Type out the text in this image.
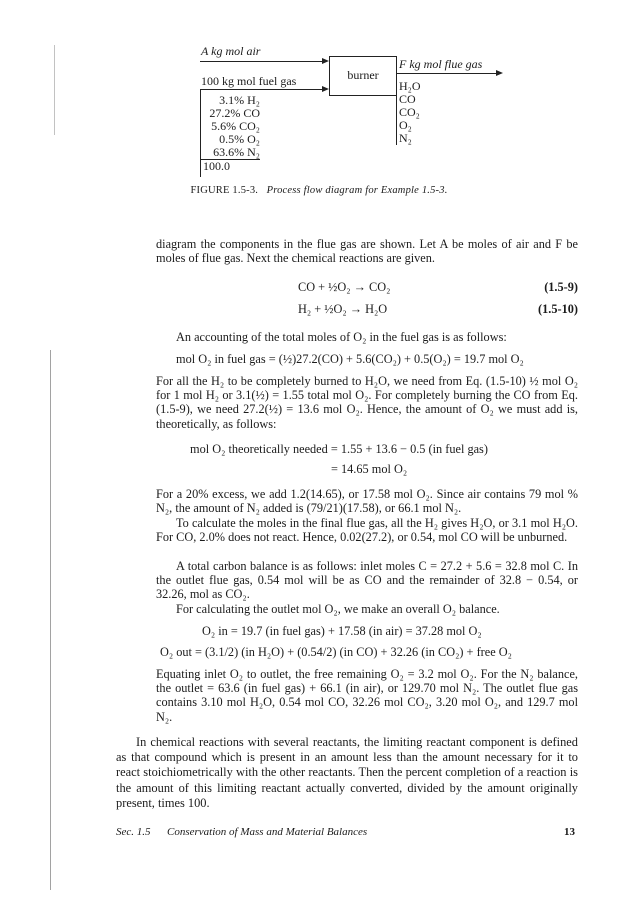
A kg mol air
100 kg mol fuel gas	burner
F kg mol flue gas
3.1% H₂
27.2% CO
5.6% CO₂
0.5% O₂
63.6% N₂
100.0
H₂O
CO
CO₂
O₂
N₂
FIGURE 1.5-3. Process flow diagram for Example 1.5-3.

diagram the components in the flue gas are shown. Let A be moles of air and F be moles of flue gas. Next the chemical reactions are given.

CO + ½O₂ → CO₂	(1.5-9)
H₂ + ½O₂ → H₂O	(1.5-10)

An accounting of the total moles of O₂ in the fuel gas is as follows:

mol O₂ in fuel gas = (½)27.2(CO) + 5.6(CO₂) + 0.5(O₂) = 19.7 mol O₂

For all the H₂ to be completely burned to H₂O, we need from Eq. (1.5-10) ½ mol O₂ for 1 mol H₂ or 3.1(½) = 1.55 total mol O₂. For completely burning the CO from Eq. (1.5-9), we need 27.2(½) = 13.6 mol O₂. Hence, the amount of O₂ we must add is, theoretically, as follows:

mol O₂ theoretically needed = 1.55 + 13.6 − 0.5 (in fuel gas)
= 14.65 mol O₂

For a 20% excess, we add 1.2(14.65), or 17.58 mol O₂. Since air contains 79 mol % N₂, the amount of N₂ added is (79/21)(17.58), or 66.1 mol N₂.

To calculate the moles in the final flue gas, all the H₂ gives H₂O, or 3.1 mol H₂O. For CO, 2.0% does not react. Hence, 0.02(27.2), or 0.54, mol CO will be unburned.

A total carbon balance is as follows: inlet moles C = 27.2 + 5.6 = 32.8 mol C. In the outlet flue gas, 0.54 mol will be as CO and the remainder of 32.8 − 0.54, or 32.26, mol as CO₂.

For calculating the outlet mol O₂, we make an overall O₂ balance.

O₂ in = 19.7 (in fuel gas) + 17.58 (in air) = 37.28 mol O₂
O₂ out = (3.1/2) (in H₂O) + (0.54/2) (in CO) + 32.26 (in CO₂) + free O₂

Equating inlet O₂ to outlet, the free remaining O₂ = 3.2 mol O₂. For the N₂ balance, the outlet = 63.6 (in fuel gas) + 66.1 (in air), or 129.70 mol N₂. The outlet flue gas contains 3.10 mol H₂O, 0.54 mol CO, 32.26 mol CO₂, 3.20 mol O₂, and 129.7 mol N₂.

In chemical reactions with several reactants, the limiting reactant component is defined as that compound which is present in an amount less than the amount necessary for it to react stoichiometrically with the other reactants. Then the percent completion of a reaction is the amount of this limiting reactant actually converted, divided by the amount originally present, times 100.

Sec. 1.5      Conservation of Mass and Material Balances	13
